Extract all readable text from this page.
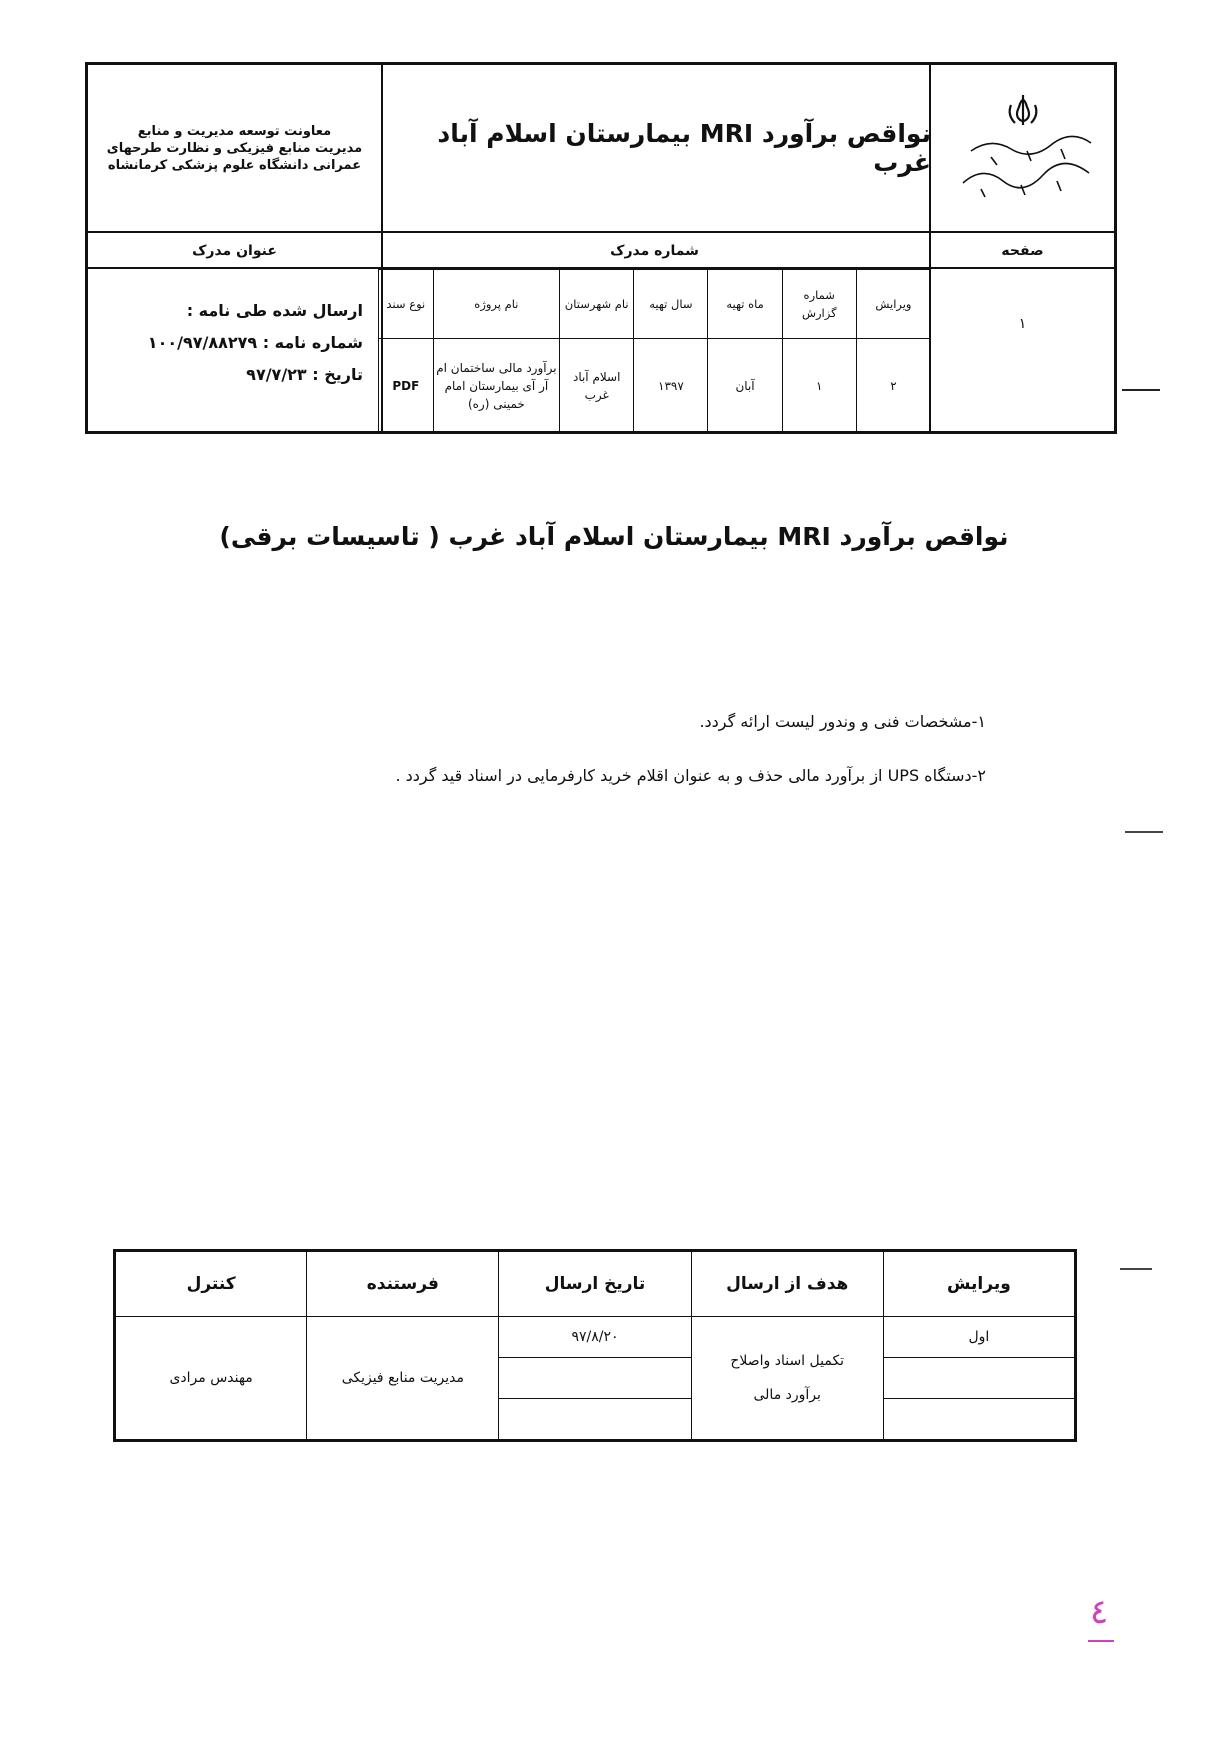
نواقص برآورد MRI بیمارستان اسلام آباد غرب
معاونت توسعه مدیریت و منابع
مدیریت منابع فیزیکی و نظارت طرحهای
عمرانی دانشگاه علوم پزشکی کرمانشاه
صفحه
شماره مدرک
عنوان مدرک
۱
ویرایش	شماره گزارش	ماه تهیه	سال تهیه	نام شهرستان	نام پروژه	نوع سند
۲	۱	آبان	۱۳۹۷	اسلام آباد غرب	برآورد مالی ساختمان ام آر آی بیمارستان امام خمینی (ره)	PDF
ارسال شده طی نامه :
شماره نامه : ۱۰۰/۹۷/۸۸۲۷۹
تاریخ : ۹۷/۷/۲۳
نواقص برآورد MRI بیمارستان اسلام آباد غرب ( تاسیسات برقی)
۱-مشخصات فنی و وندور لیست ارائه گردد.
۲-دستگاه UPS از برآورد مالی حذف و به عنوان اقلام خرید کارفرمایی در اسناد قید گردد .
ویرایش	هدف از ارسال	تاریخ ارسال	فرستنده	کنترل
اول	تکمیل اسناد واصلاح برآورد مالی	۹۷/۸/۲۰	مدیریت منابع فیزیکی	مهندس مرادی

٤
